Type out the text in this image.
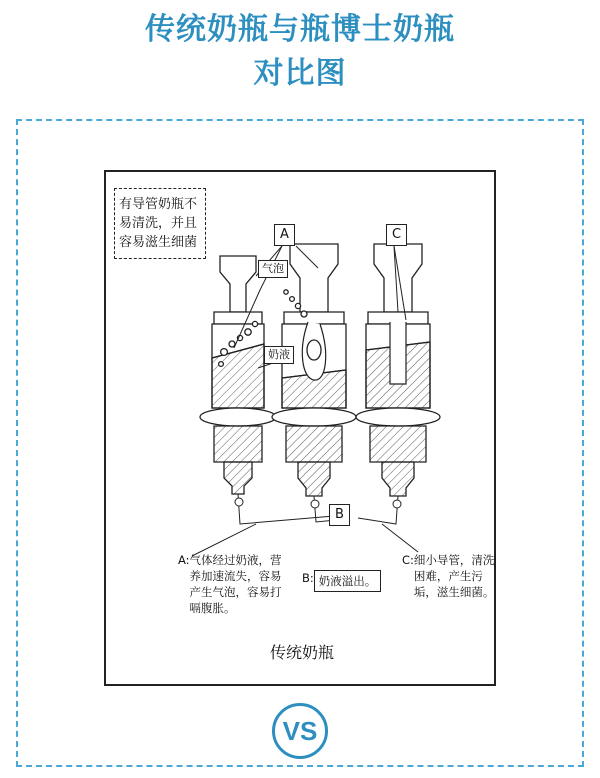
传统奶瓶与瓶博士奶瓶
对比图
有导管奶瓶不易清洗，并且容易滋生细菌
A	C
B
气泡
奶液
A: 气体经过奶液，营养加速流失，容易产生气泡，容易打嗝腹胀。
B: 奶液溢出。
C: 细小导管，清洗困难，产生污垢，滋生细菌。
传统奶瓶
VS
